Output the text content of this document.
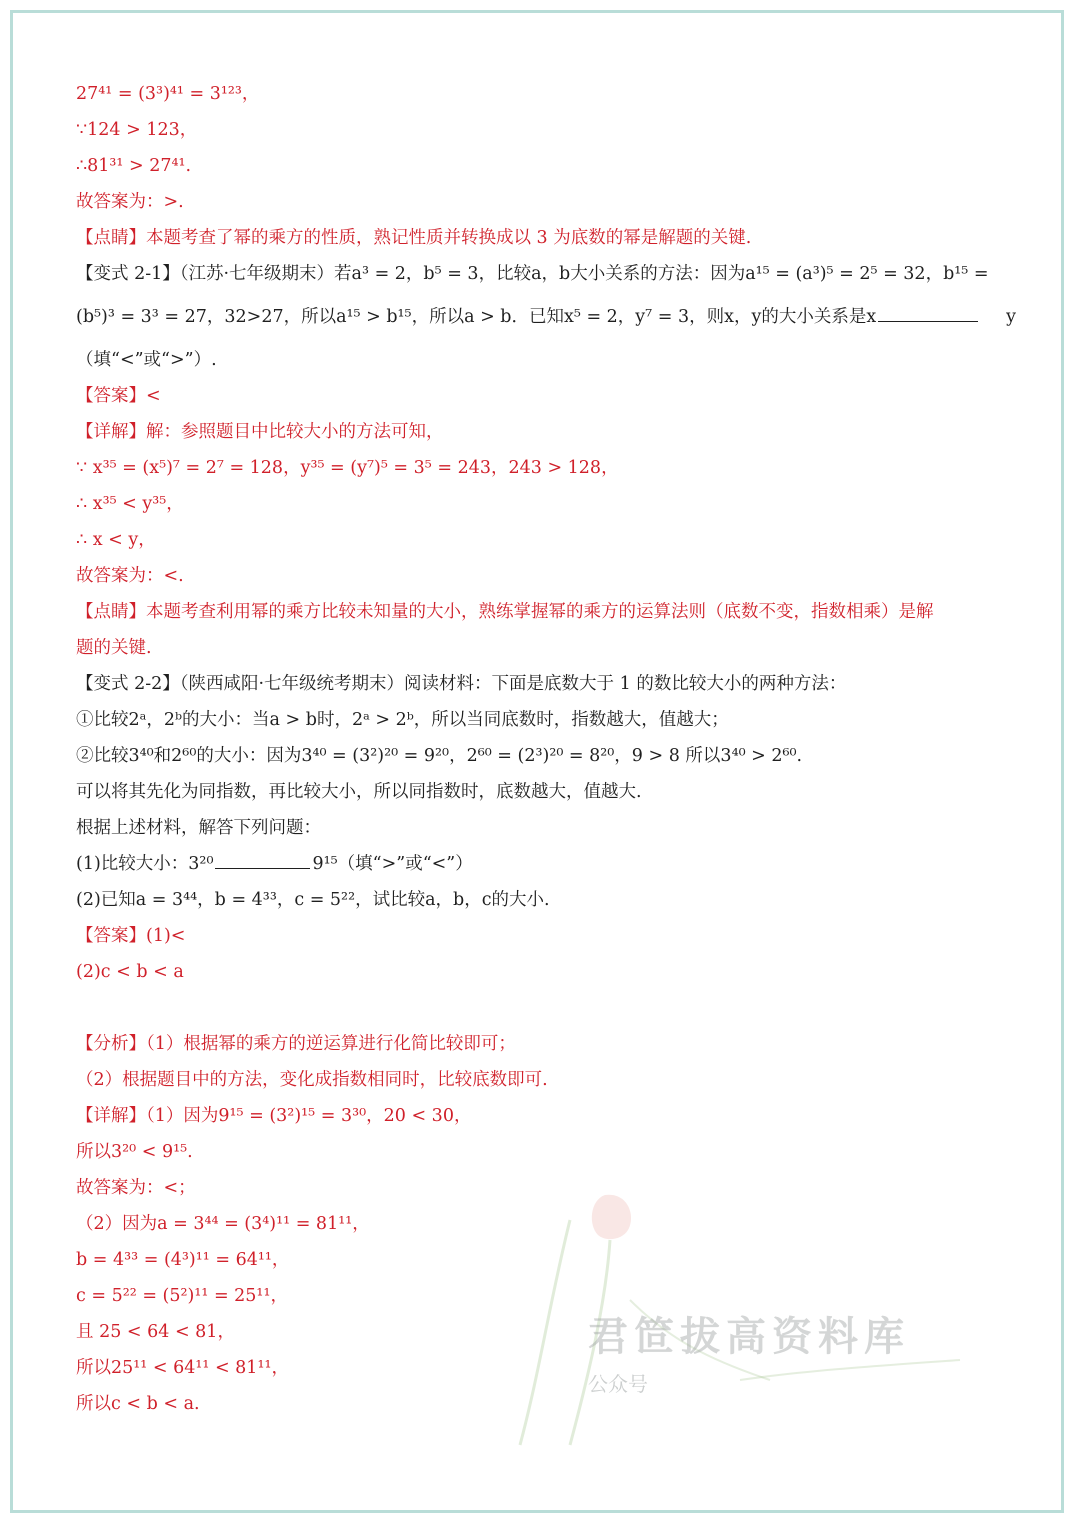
27⁴¹ = (3³)⁴¹ = 3¹²³，
∵124 > 123，
∴81³¹ > 27⁴¹.
故答案为：>.
【点睛】本题考查了幂的乘方的性质，熟记性质并转换成以 3 为底数的幂是解题的关键.
【变式 2-1】（江苏·七年级期末）若a³ = 2，b⁵ = 3，比较a，b大小关系的方法：因为a¹⁵ = (a³)⁵ = 2⁵ = 32，b¹⁵ =
(b⁵)³ = 3³ = 27，32>27，所以a¹⁵ > b¹⁵，所以a > b．已知x⁵ = 2，y⁷ = 3，则x，y的大小关系是x	y
（填“<”或“>”）.
【答案】<
【详解】解：参照题目中比较大小的方法可知，
∵ x³⁵ = (x⁵)⁷ = 2⁷ = 128，y³⁵ = (y⁷)⁵ = 3⁵ = 243，243 > 128，
∴ x³⁵ < y³⁵，
∴ x < y，
故答案为：<.
【点睛】本题考查利用幂的乘方比较未知量的大小，熟练掌握幂的乘方的运算法则（底数不变，指数相乘）是解
题的关键.
【变式 2-2】（陕西咸阳·七年级统考期末）阅读材料：下面是底数大于 1 的数比较大小的两种方法：
①比较2ᵃ，2ᵇ的大小：当a > b时，2ᵃ > 2ᵇ，所以当同底数时，指数越大，值越大；
②比较3⁴⁰和2⁶⁰的大小：因为3⁴⁰ = (3²)²⁰ = 9²⁰，2⁶⁰ = (2³)²⁰ = 8²⁰，9 > 8 所以3⁴⁰ > 2⁶⁰.
可以将其先化为同指数，再比较大小，所以同指数时，底数越大，值越大.
根据上述材料，解答下列问题：
(1)比较大小：3²⁰	9¹⁵（填“>”或“<”）
(2)已知a = 3⁴⁴，b = 4³³，c = 5²²，试比较a，b，c的大小.
【答案】(1)<
(2)c < b < a
【分析】（1）根据幂的乘方的逆运算进行化简比较即可；
（2）根据题目中的方法，变化成指数相同时，比较底数即可.
【详解】（1）因为9¹⁵ = (3²)¹⁵ = 3³⁰，20 < 30，
所以3²⁰ < 9¹⁵.
故答案为：<；
（2）因为a = 3⁴⁴ = (3⁴)¹¹ = 81¹¹，
b = 4³³ = (4³)¹¹ = 64¹¹，
c = 5²² = (5²)¹¹ = 25¹¹，
且 25 < 64 < 81，
所以25¹¹ < 64¹¹ < 81¹¹，
所以c < b < a.
君笸拔高资料库
公众号
